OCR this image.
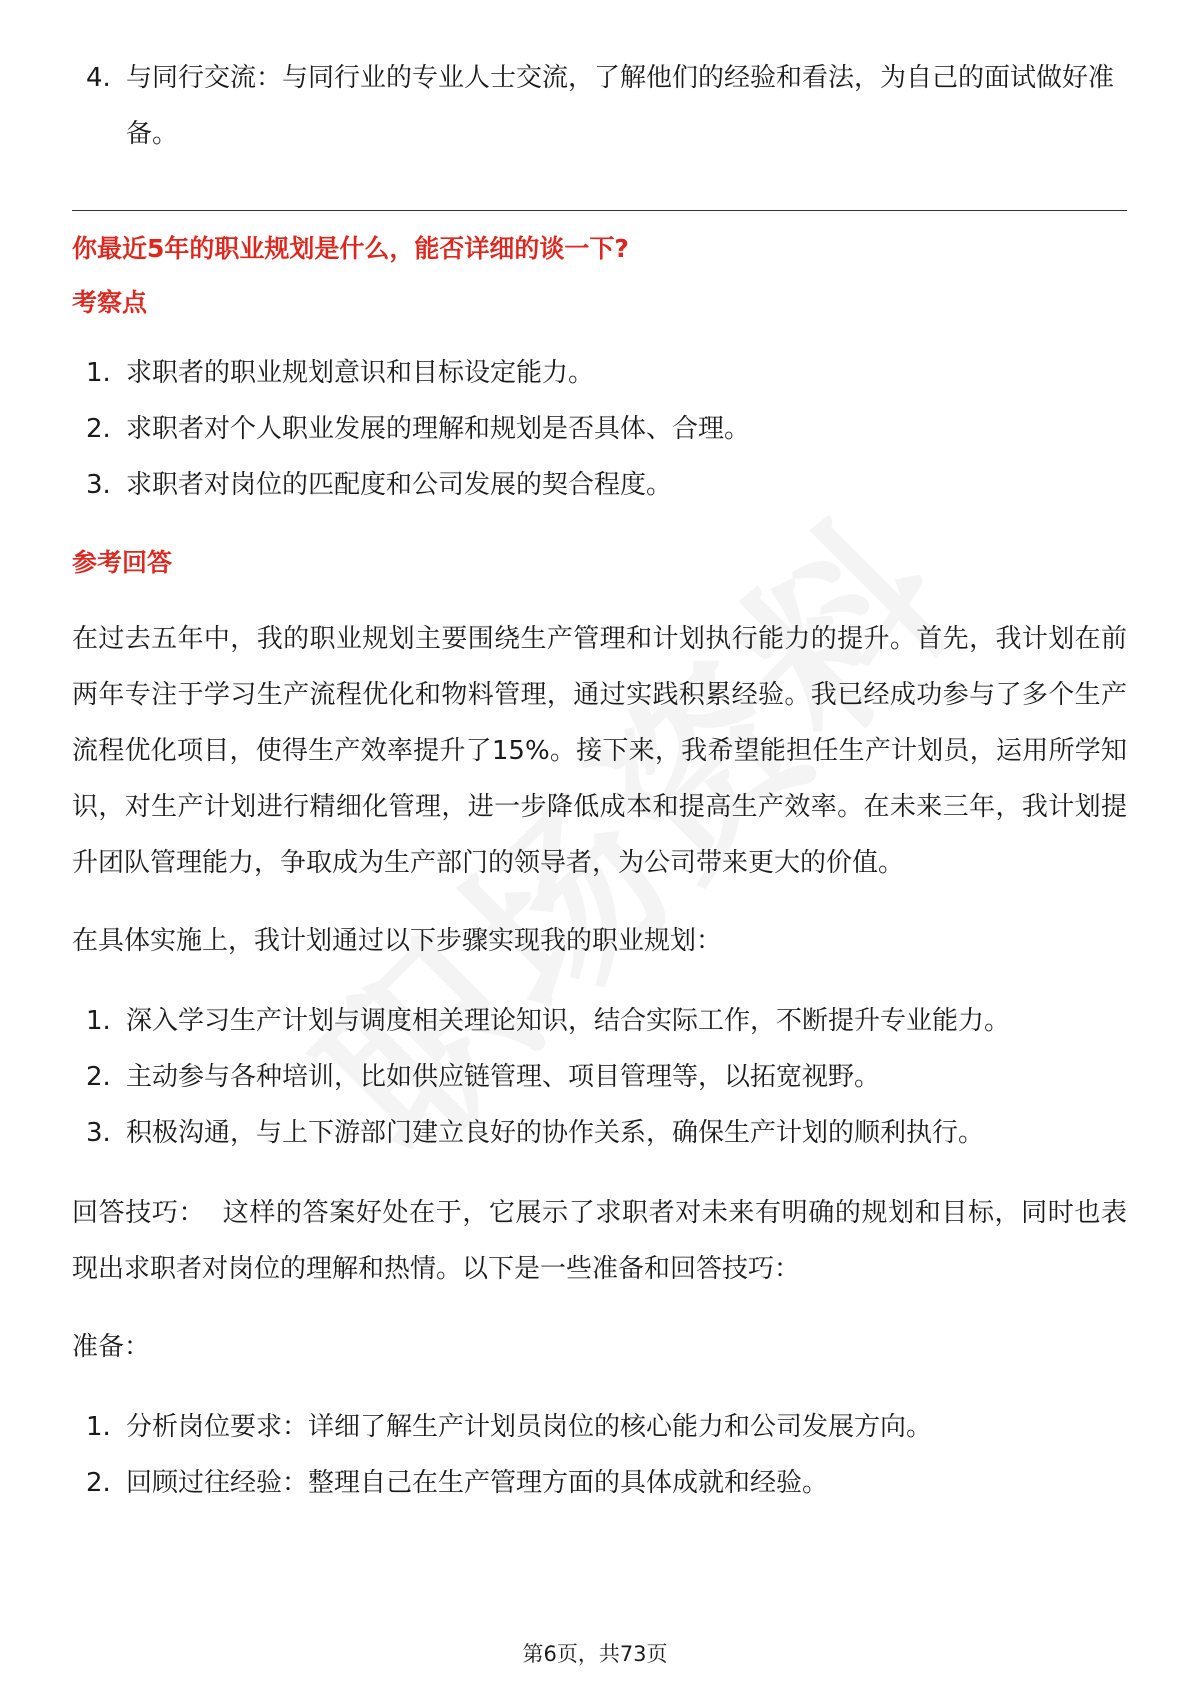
4. 与同行交流：与同行业的专业人士交流，了解他们的经验和看法，为自己的面试做好准备。
你最近5年的职业规划是什么，能否详细的谈一下?
考察点
1. 求职者的职业规划意识和目标设定能力。
2. 求职者对个人职业发展的理解和规划是否具体、合理。
3. 求职者对岗位的匹配度和公司发展的契合程度。
参考回答
在过去五年中，我的职业规划主要围绕生产管理和计划执行能力的提升。首先，我计划在前两年专注于学习生产流程优化和物料管理，通过实践积累经验。我已经成功参与了多个生产流程优化项目，使得生产效率提升了15%。接下来，我希望能担任生产计划员，运用所学知识，对生产计划进行精细化管理，进一步降低成本和提高生产效率。在未来三年，我计划提升团队管理能力，争取成为生产部门的领导者，为公司带来更大的价值。
在具体实施上，我计划通过以下步骤实现我的职业规划：
1. 深入学习生产计划与调度相关理论知识，结合实际工作，不断提升专业能力。
2. 主动参与各种培训，比如供应链管理、项目管理等，以拓宽视野。
3. 积极沟通，与上下游部门建立良好的协作关系，确保生产计划的顺利执行。
回答技巧：  这样的答案好处在于，它展示了求职者对未来有明确的规划和目标，同时也表现出求职者对岗位的理解和热情。以下是一些准备和回答技巧：
准备：
1. 分析岗位要求：详细了解生产计划员岗位的核心能力和公司发展方向。
2. 回顾过往经验：整理自己在生产管理方面的具体成就和经验。
第6页，共73页
